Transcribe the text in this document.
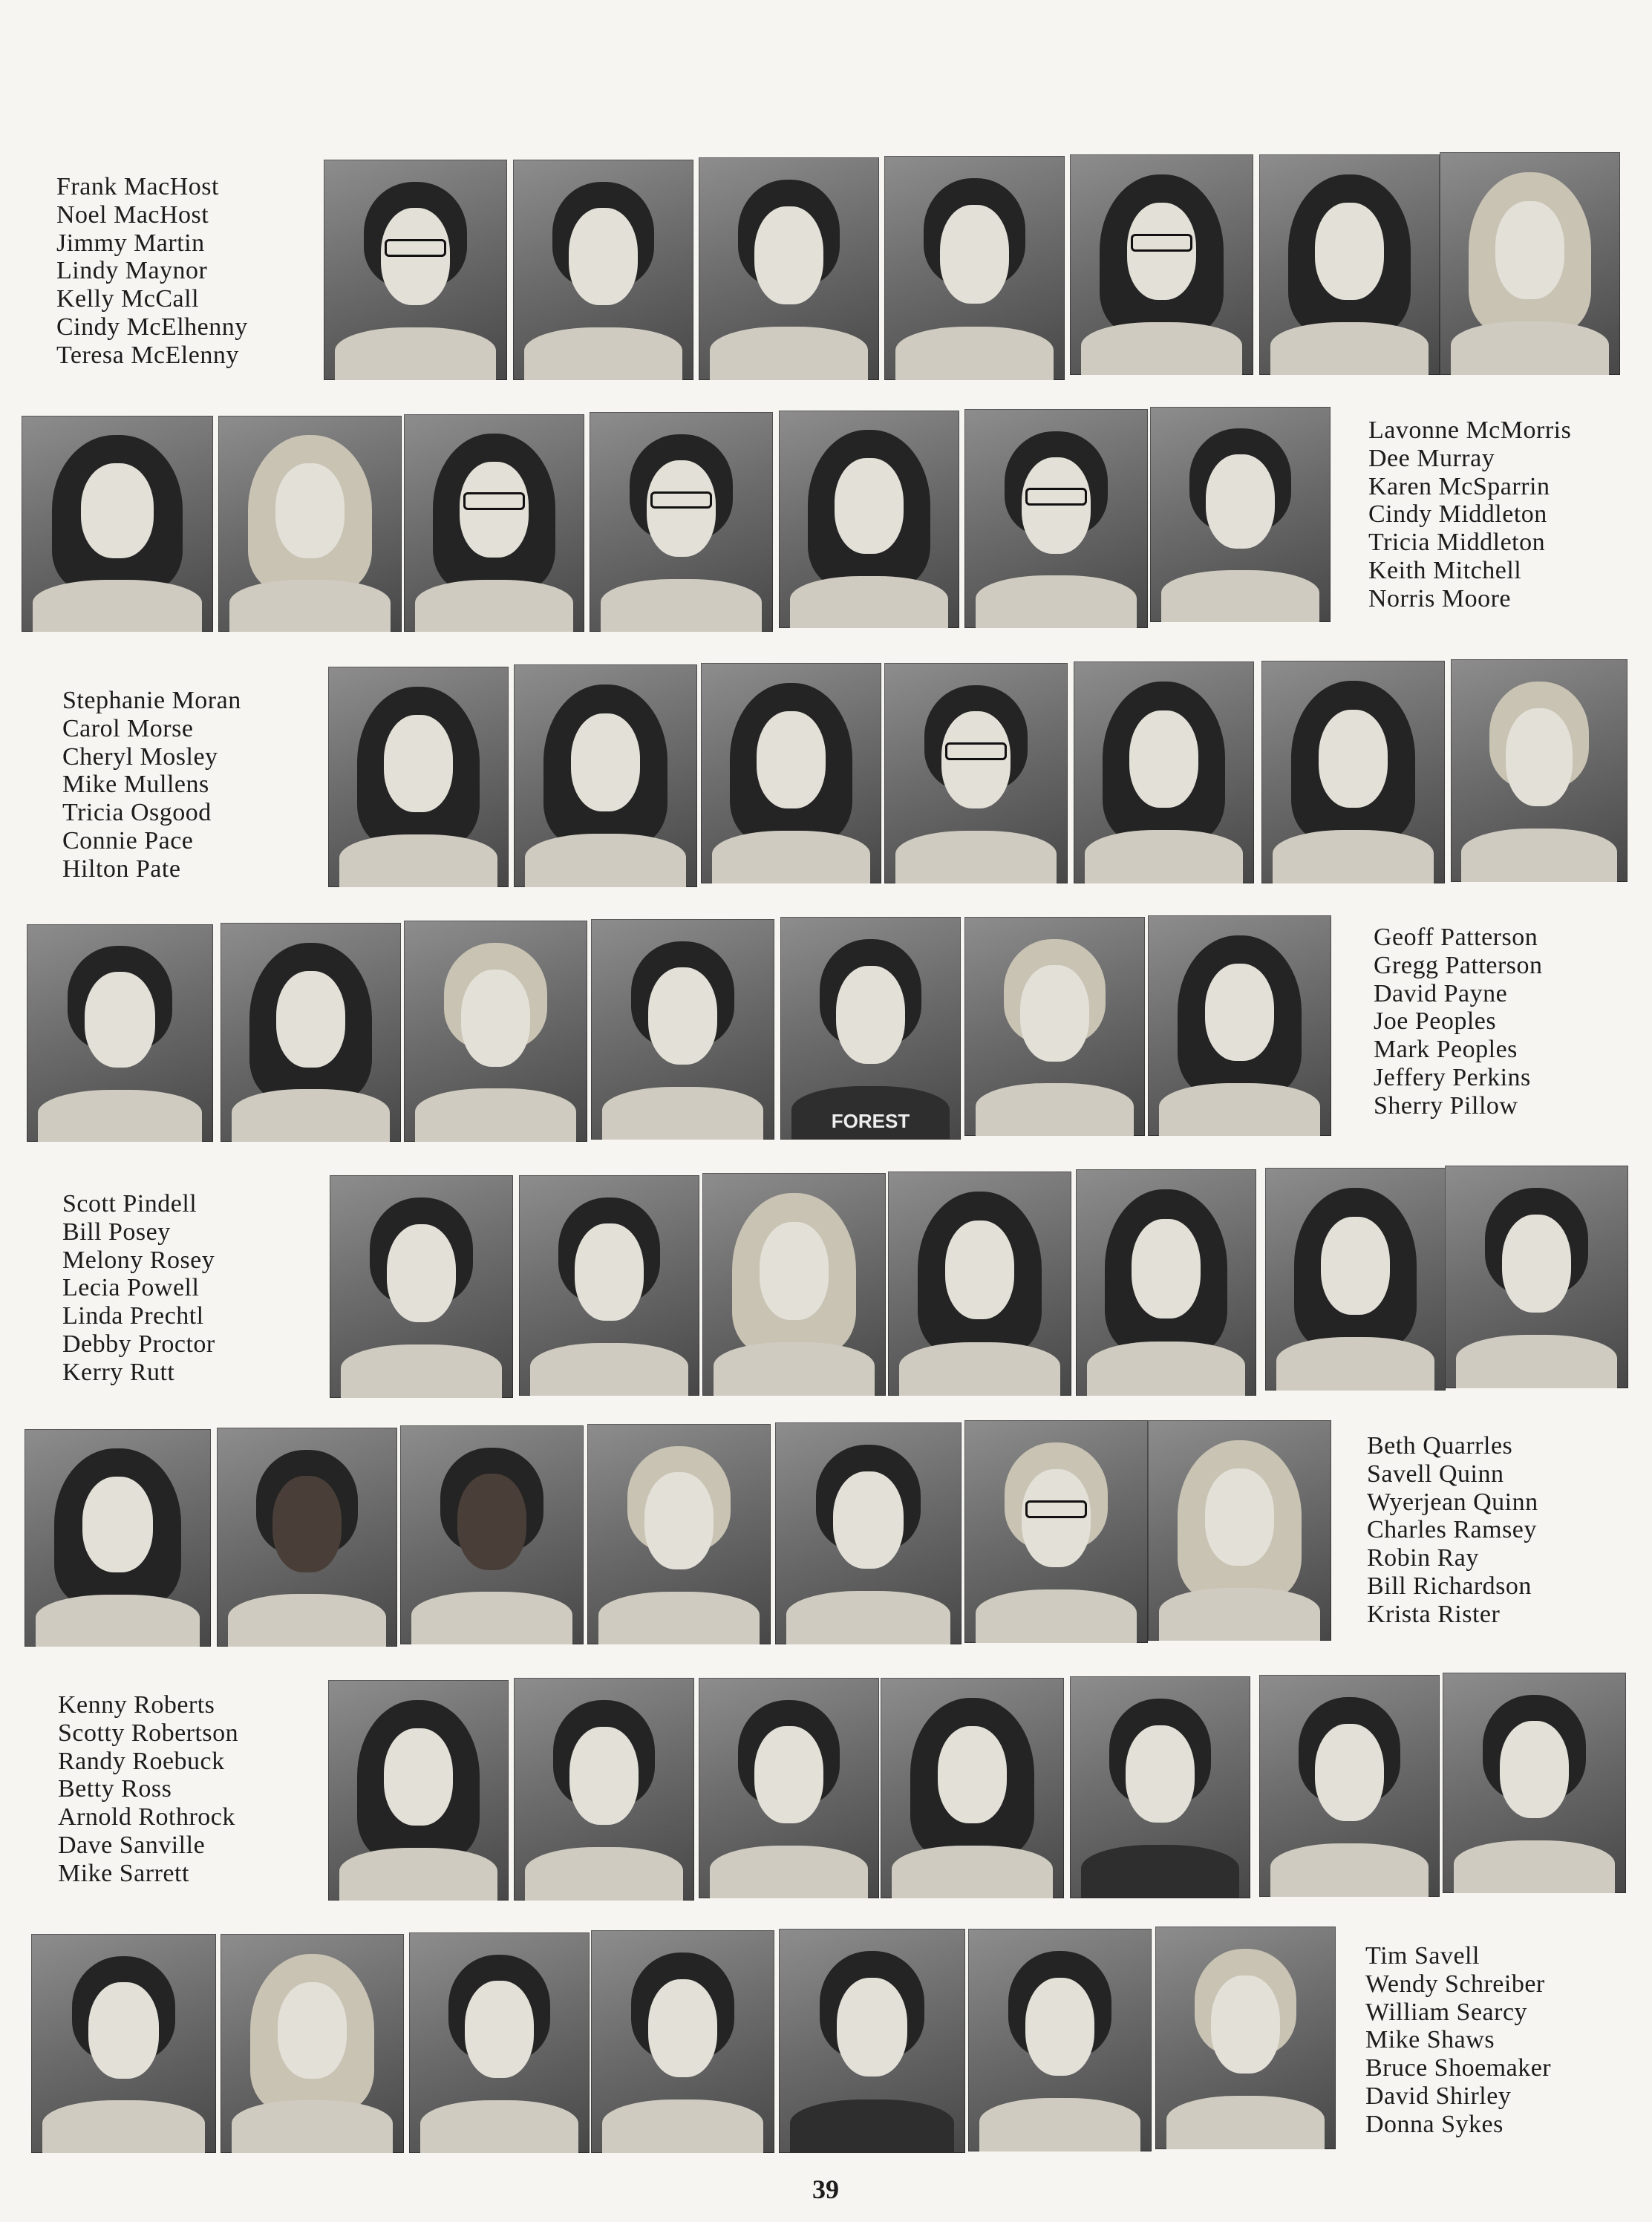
Frank MacHost
Noel MacHost
Jimmy Martin
Lindy Maynor
Kelly McCall
Cindy McElhenny
Teresa McElenny
Lavonne McMorris
Dee Murray
Karen McSparrin
Cindy Middleton
Tricia Middleton
Keith Mitchell
Norris Moore
Stephanie Moran
Carol Morse
Cheryl Mosley
Mike Mullens
Tricia Osgood
Connie Pace
Hilton Pate
FOREST
Geoff Patterson
Gregg Patterson
David Payne
Joe Peoples
Mark Peoples
Jeffery Perkins
Sherry Pillow
Scott Pindell
Bill Posey
Melony Rosey
Lecia Powell
Linda Prechtl
Debby Proctor
Kerry Rutt
Beth Quarrles
Savell Quinn
Wyerjean Quinn
Charles Ramsey
Robin Ray
Bill Richardson
Krista Rister
Kenny Roberts
Scotty Robertson
Randy Roebuck
Betty Ross
Arnold Rothrock
Dave Sanville
Mike Sarrett
Tim Savell
Wendy Schreiber
William Searcy
Mike Shaws
Bruce Shoemaker
David Shirley
Donna Sykes
39
